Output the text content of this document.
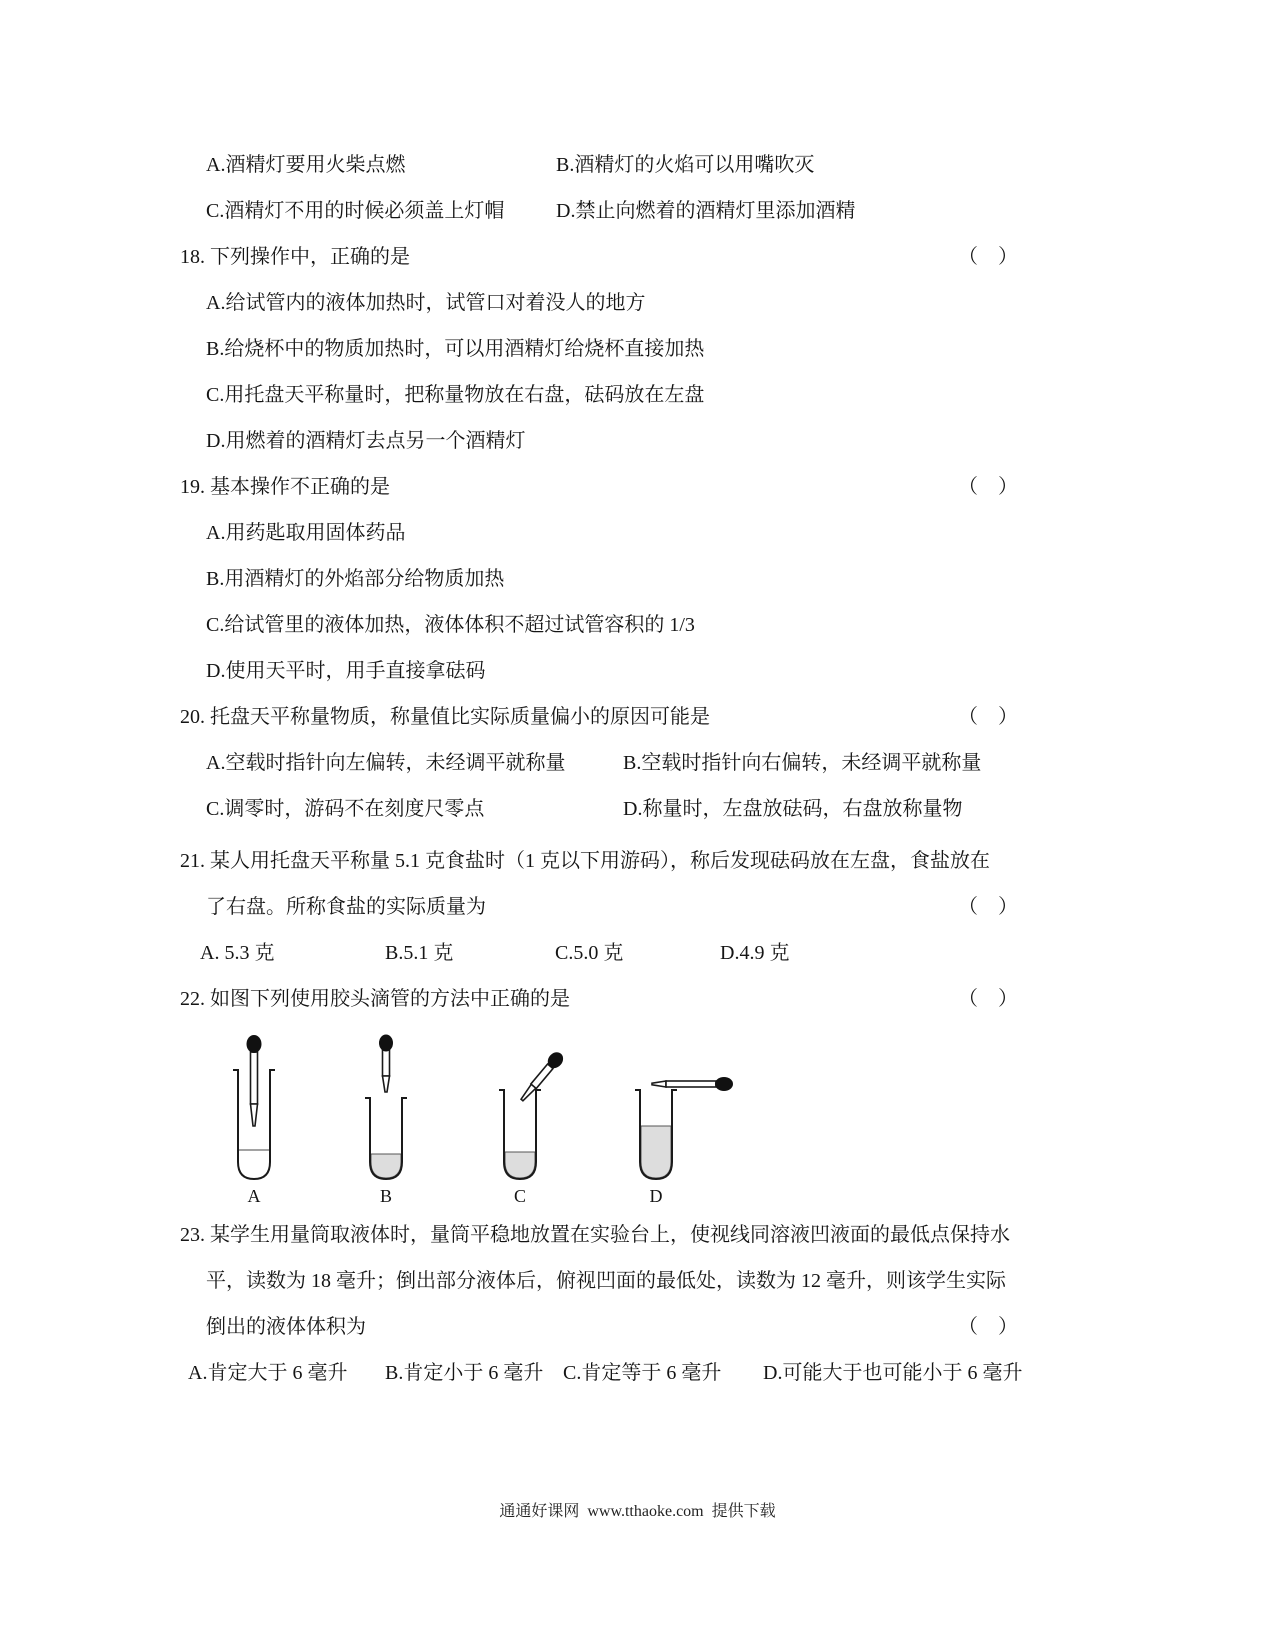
A.酒精灯要用火柴点燃	B.酒精灯的火焰可以用嘴吹灭
C.酒精灯不用的时候必须盖上灯帽	D.禁止向燃着的酒精灯里添加酒精
18. 下列操作中，正确的是	（　）
A.给试管内的液体加热时，试管口对着没人的地方
B.给烧杯中的物质加热时，可以用酒精灯给烧杯直接加热
C.用托盘天平称量时，把称量物放在右盘，砝码放在左盘
D.用燃着的酒精灯去点另一个酒精灯
19. 基本操作不正确的是	（　）
A.用药匙取用固体药品
B.用酒精灯的外焰部分给物质加热
C.给试管里的液体加热，液体体积不超过试管容积的 1/3
D.使用天平时，用手直接拿砝码
20. 托盘天平称量物质，称量值比实际质量偏小的原因可能是	（　）
A.空载时指针向左偏转，未经调平就称量	B.空载时指针向右偏转，未经调平就称量
C.调零时，游码不在刻度尺零点	D.称量时，左盘放砝码，右盘放称量物
21. 某人用托盘天平称量 5.1 克食盐时（1 克以下用游码），称后发现砝码放在左盘，食盐放在
了右盘。所称食盐的实际质量为	（　）
A. 5.3 克	B.5.1 克	C.5.0 克	D.4.9 克
22. 如图下列使用胶头滴管的方法中正确的是	（　）
A	B	C	D
23. 某学生用量筒取液体时，量筒平稳地放置在实验台上，使视线同溶液凹液面的最低点保持水
平，读数为 18 毫升；倒出部分液体后，俯视凹面的最低处，读数为 12 毫升，则该学生实际
倒出的液体体积为	（　）
A.肯定大于 6 毫升 B.肯定小于 6 毫升 C.肯定等于 6 毫升 D.可能大于也可能小于 6 毫升
通通好课网  www.tthaoke.com  提供下载
